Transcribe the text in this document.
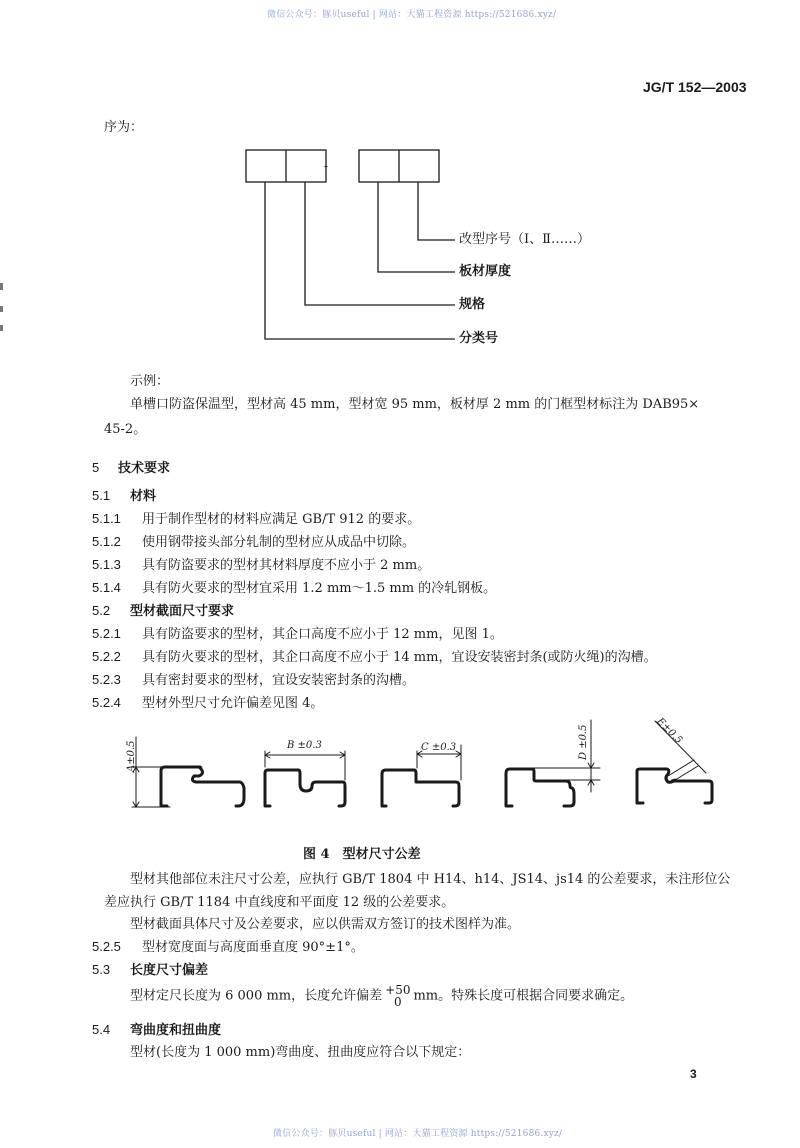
微信公众号：豚贝useful | 网站：大猫工程资源 https://521686.xyz/
JG/T 152—2003
序为：
-
改型序号（Ⅰ、Ⅱ……）
板材厚度
规格
分类号
示例：
单槽口防盗保温型，型材高 45 mm，型材宽 95 mm，板材厚 2 mm 的门框型材标注为 DAB95×
45-2。
5 技术要求
5.1 材料
5.1.1 用于制作型材的材料应满足 GB/T 912 的要求。
5.1.2 使用钢带接头部分轧制的型材应从成品中切除。
5.1.3 具有防盗要求的型材其材料厚度不应小于 2 mm。
5.1.4 具有防火要求的型材宜采用 1.2 mm～1.5 mm 的冷轧钢板。
5.2 型材截面尺寸要求
5.2.1 具有防盗要求的型材，其企口高度不应小于 12 mm，见图 1。
5.2.2 具有防火要求的型材，其企口高度不应小于 14 mm，宜设安装密封条(或防火绳)的沟槽。
5.2.3 具有密封要求的型材，宜设安装密封条的沟槽。
5.2.4 型材外型尺寸允许偏差见图 4。
A±0.5	B ±0.3	C ±0.3	D ±0.5	E±0.5
图 4　型材尺寸公差
型材其他部位未注尺寸公差，应执行 GB/T 1804 中 H14、h14、JS14、js14 的公差要求，未注形位公
差应执行 GB/T 1184 中直线度和平面度 12 级的公差要求。
型材截面具体尺寸及公差要求，应以供需双方签订的技术图样为准。
5.2.5 型材宽度面与高度面垂直度 90°±1°。
5.3 长度尺寸偏差
型材定尺长度为 6 000 mm，长度允许偏差 +50
0 mm。特殊长度可根据合同要求确定。
5.4 弯曲度和扭曲度
型材(长度为 1 000 mm)弯曲度、扭曲度应符合以下规定：
3
微信公众号：豚贝useful | 网站：大猫工程资源 https://521686.xyz/
